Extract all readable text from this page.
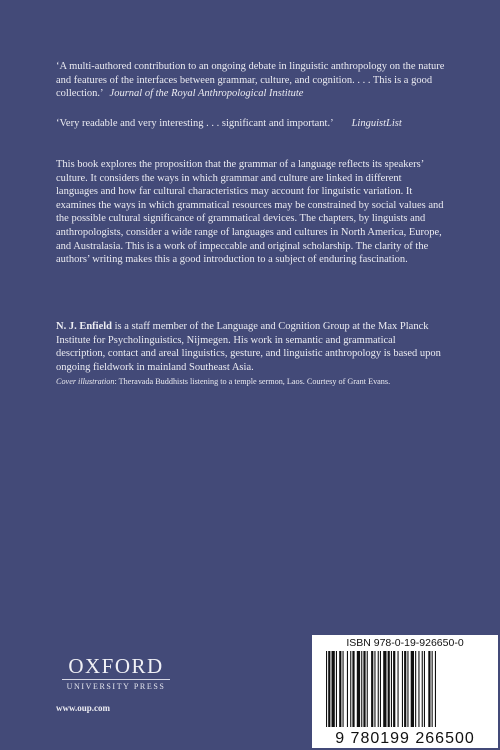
‘A multi-authored contribution to an ongoing debate in linguistic anthropology on the nature and features of the interfaces between grammar, culture, and cognition. . . . This is a good collection.’ Journal of the Royal Anthropological Institute

‘Very readable and very interesting . . . significant and important.’ LinguistList

This book explores the proposition that the grammar of a language reflects its speakers’ culture. It considers the ways in which grammar and culture are linked in different languages and how far cultural characteristics may account for linguistic variation. It examines the ways in which grammatical resources may be constrained by social values and the possible cultural significance of grammatical devices. The chapters, by linguists and anthropologists, consider a wide range of languages and cultures in North America, Europe, and Australasia. This is a work of impeccable and original scholarship. The clarity of the authors’ writing makes this a good introduction to a subject of enduring fascination.

N. J. Enfield is a staff member of the Language and Cognition Group at the Max Planck Institute for Psycholinguistics, Nijmegen. His work in semantic and grammatical description, contact and areal linguistics, gesture, and linguistic anthropology is based upon ongoing fieldwork in mainland Southeast Asia.

Cover illustration: Theravada Buddhists listening to a temple sermon, Laos. Courtesy of Grant Evans.

OXFORD
UNIVERSITY PRESS
www.oup.com
ISBN 978-0-19-926650-0
9 780199 266500
